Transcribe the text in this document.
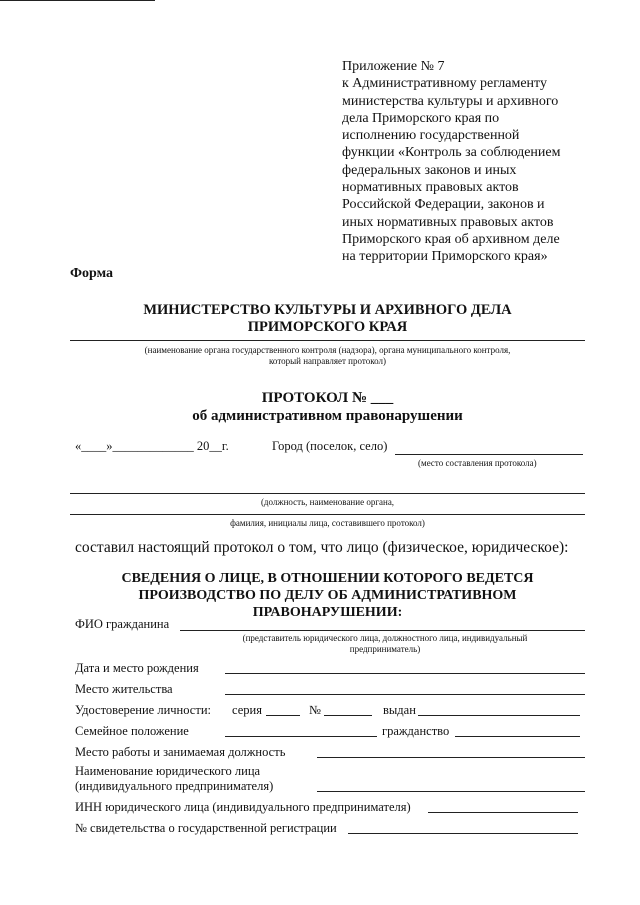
Приложение № 7
к Административному регламенту
министерства культуры и архивного
дела Приморского края по
исполнению государственной
функции «Контроль за соблюдением
федеральных законов и иных
нормативных правовых актов
Российской Федерации, законов и
иных нормативных правовых актов
Приморского края об архивном деле
на территории Приморского края»
Форма
МИНИСТЕРСТВО КУЛЬТУРЫ И АРХИВНОГО ДЕЛА
ПРИМОРСКОГО КРАЯ
(наименование органа государственного контроля (надзора), органа муниципального контроля,
который направляет протокол)
ПРОТОКОЛ № ___
об административном правонарушении
«____»_____________ 20__г.	Город (поселок, село)
(место составления протокола)
(должность, наименование органа,
фамилия, инициалы лица, составившего протокол)
составил настоящий протокол о том, что лицо (физическое, юридическое):
СВЕДЕНИЯ О ЛИЦЕ, В ОТНОШЕНИИ КОТОРОГО ВЕДЕТСЯ
ПРОИЗВОДСТВО ПО ДЕЛУ ОБ АДМИНИСТРАТИВНОМ ПРАВОНАРУШЕНИИ:
ФИО гражданина
(представитель юридического лица, должностного лица, индивидуальный
предприниматель)
Дата и место рождения
Место жительства
Удостоверение личности: серия	№	выдан
Семейное положение	гражданство
Место работы и занимаемая должность
Наименование юридического лица
(индивидуального предпринимателя)
ИНН юридического лица (индивидуального предпринимателя)
№ свидетельства о государственной регистрации
